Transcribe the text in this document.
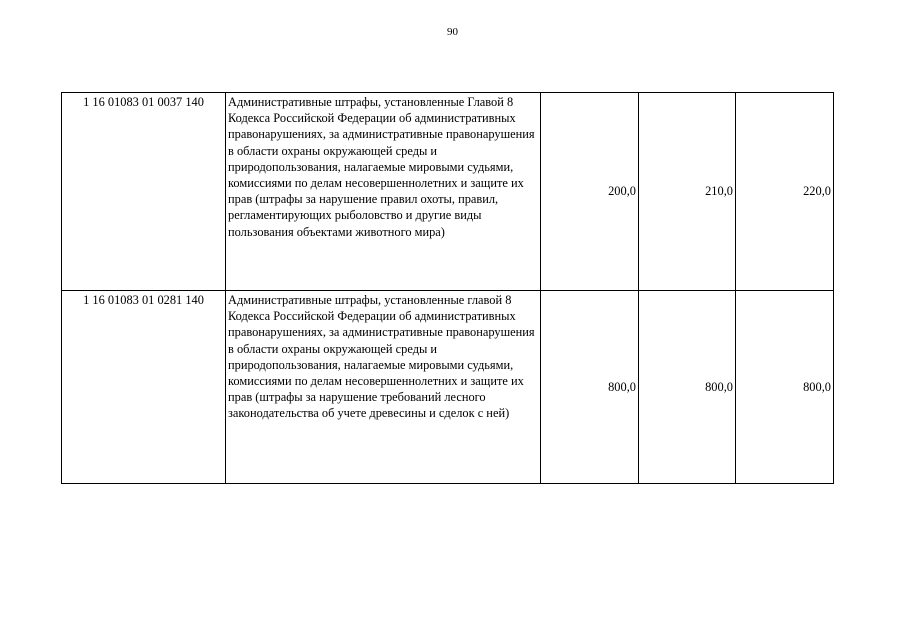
90
1 16 01083 01 0037 140	Административные штрафы, установленные Главой 8 Кодекса Российской Федерации об административных правонарушениях, за административные правонарушения в области охраны окружающей среды и природопользования, налагаемые мировыми судьями, комиссиями по делам несовершеннолетних и защите их прав (штрафы за нарушение правил охоты, правил, регламентирующих рыболовство и другие виды пользования объектами животного мира)	200,0	210,0	220,0
1 16 01083 01 0281 140	Административные штрафы, установленные главой 8 Кодекса Российской Федерации об административных правонарушениях, за административные правонарушения в области охраны окружающей среды и природопользования, налагаемые мировыми судьями, комиссиями по делам несовершеннолетних и защите их прав (штрафы за нарушение требований лесного законодательства об учете древесины и сделок с ней)	800,0	800,0	800,0
